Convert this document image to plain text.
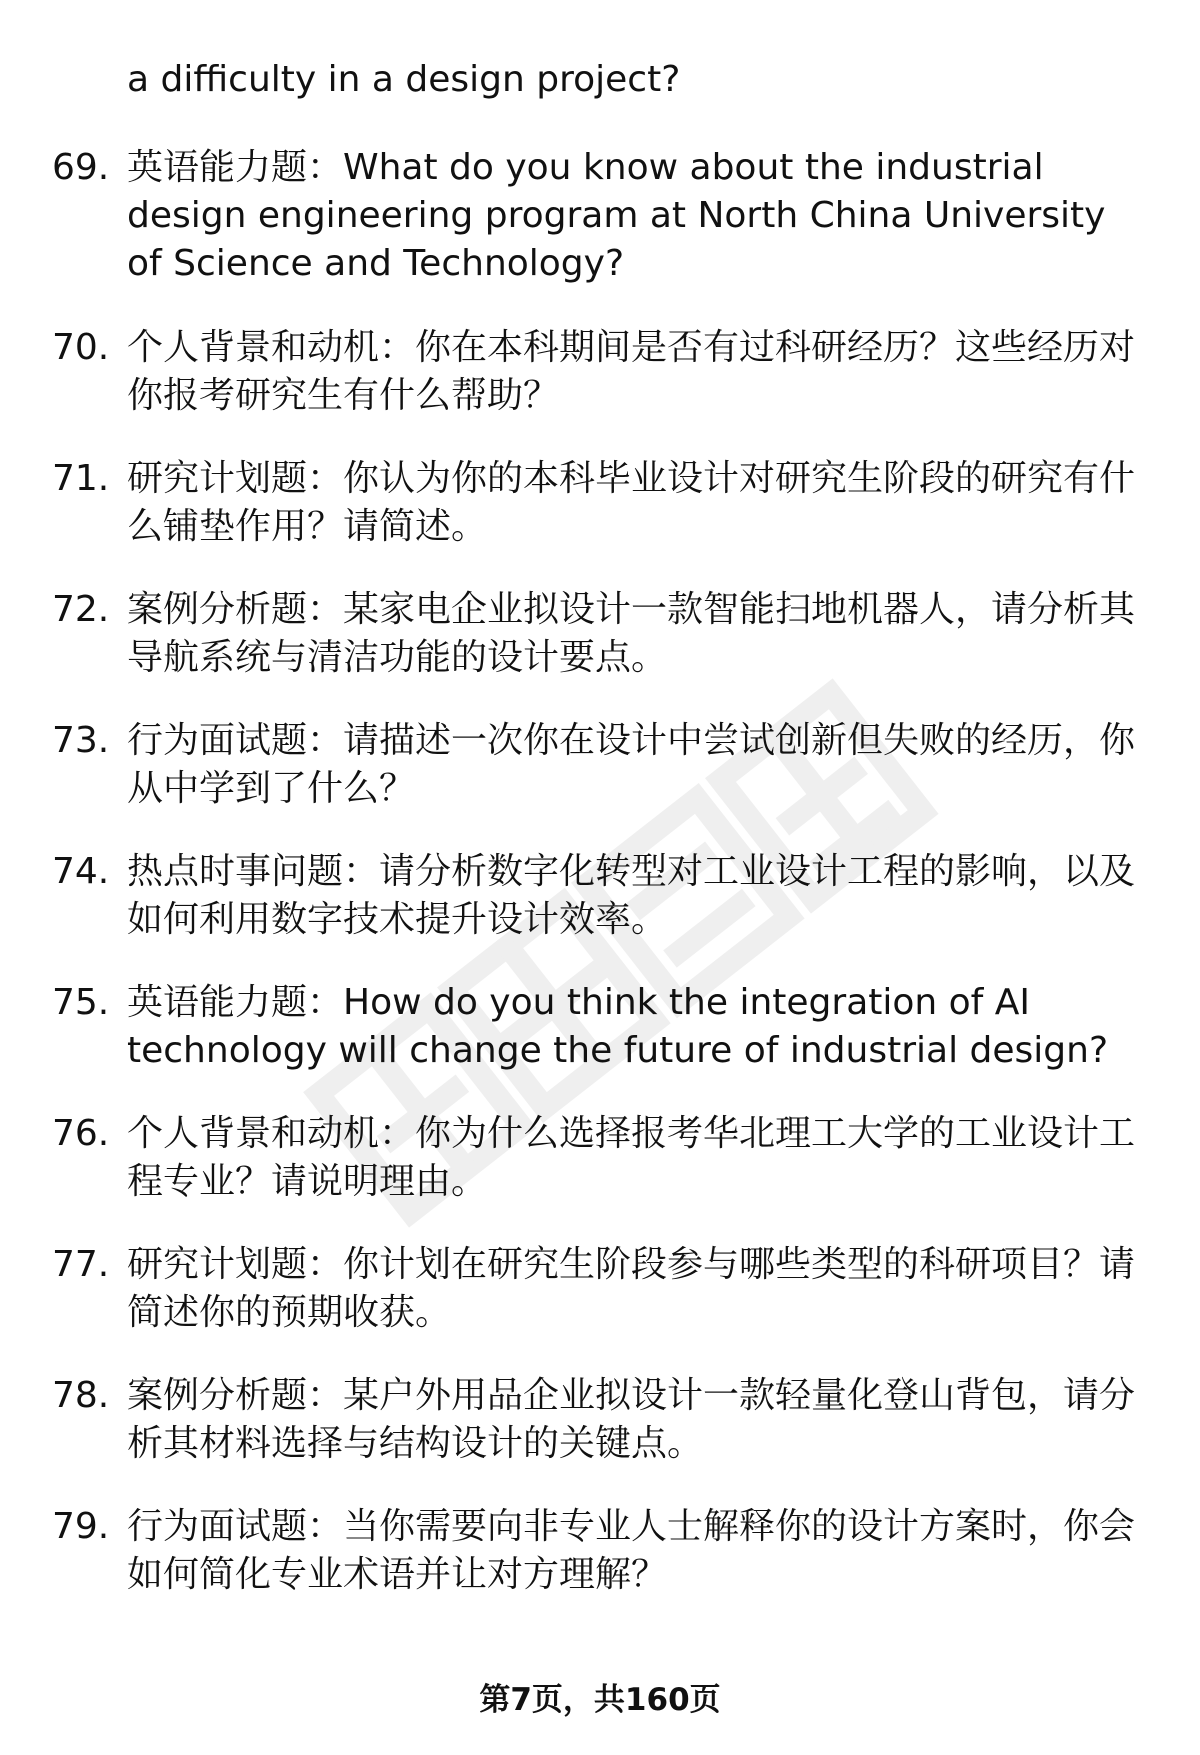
a difficulty in a design project?
69. 英语能力题：What do you know about the industrial design engineering program at North China University of Science and Technology?
70. 个人背景和动机：你在本科期间是否有过科研经历？这些经历对你报考研究生有什么帮助？
71. 研究计划题：你认为你的本科毕业设计对研究生阶段的研究有什么铺垫作用？请简述。
72. 案例分析题：某家电企业拟设计一款智能扫地机器人，请分析其导航系统与清洁功能的设计要点。
73. 行为面试题：请描述一次你在设计中尝试创新但失败的经历，你从中学到了什么？
74. 热点时事问题：请分析数字化转型对工业设计工程的影响，以及如何利用数字技术提升设计效率。
75. 英语能力题：How do you think the integration of AI technology will change the future of industrial design?
76. 个人背景和动机：你为什么选择报考华北理工大学的工业设计工程专业？请说明理由。
77. 研究计划题：你计划在研究生阶段参与哪些类型的科研项目？请简述你的预期收获。
78. 案例分析题：某户外用品企业拟设计一款轻量化登山背包，请分析其材料选择与结构设计的关键点。
79. 行为面试题：当你需要向非专业人士解释你的设计方案时，你会如何简化专业术语并让对方理解？
第7页，共160页
